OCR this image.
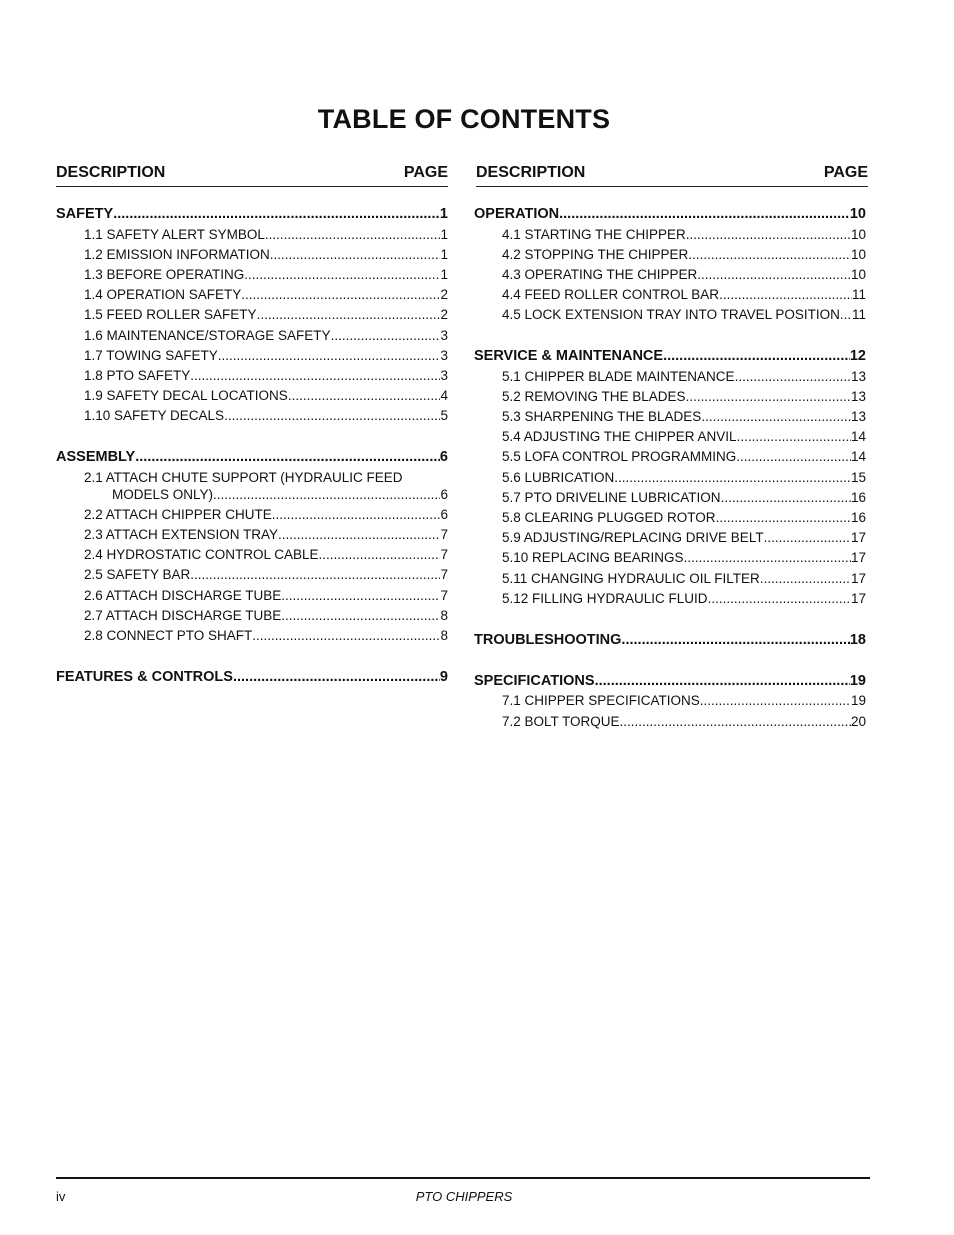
TABLE OF CONTENTS
DESCRIPTION	PAGE DESCRIPTION	PAGE
SAFETY .....	1
1.1 SAFETY ALERT SYMBOL .....	1
1.2 EMISSION INFORMATION .....	1
1.3 BEFORE OPERATING .....	1
1.4 OPERATION SAFETY .....	2
1.5 FEED ROLLER SAFETY .....	2
1.6 MAINTENANCE/STORAGE SAFETY .....	3
1.7 TOWING SAFETY .....	3
1.8 PTO SAFETY .....	3
1.9 SAFETY DECAL LOCATIONS .....	4
1.10 SAFETY DECALS .....	5
ASSEMBLY .....	6
2.1 ATTACH CHUTE SUPPORT (HYDRAULIC FEED
MODELS ONLY) .....	6
2.2 ATTACH CHIPPER CHUTE .....	6
2.3 ATTACH EXTENSION TRAY .....	7
2.4 HYDROSTATIC CONTROL CABLE .....	7
2.5 SAFETY BAR .....	7
2.6 ATTACH DISCHARGE TUBE .....	7
2.7 ATTACH DISCHARGE TUBE .....	8
2.8 CONNECT PTO SHAFT .....	8
FEATURES & CONTROLS .....	9
OPERATION .....	10
4.1 STARTING THE CHIPPER .....	10
4.2 STOPPING THE CHIPPER .....	10
4.3 OPERATING THE CHIPPER .....	10
4.4 FEED ROLLER CONTROL BAR .....	11
4.5 LOCK EXTENSION TRAY INTO TRAVEL POSITION ..... 11
SERVICE & MAINTENANCE .....	12
5.1 CHIPPER BLADE MAINTENANCE .....	13
5.2 REMOVING THE BLADES .....	13
5.3 SHARPENING THE BLADES .....	13
5.4 ADJUSTING THE CHIPPER ANVIL .....	14
5.5 LOFA CONTROL PROGRAMMING .....	14
5.6 LUBRICATION .....	15
5.7 PTO DRIVELINE LUBRICATION .....	16
5.8 CLEARING PLUGGED ROTOR .....	16
5.9 ADJUSTING/REPLACING DRIVE BELT .....	17
5.10 REPLACING BEARINGS .....	17
5.11 CHANGING HYDRAULIC OIL FILTER .....	17
5.12 FILLING HYDRAULIC FLUID .....	17
TROUBLESHOOTING .....	18
SPECIFICATIONS .....	19
7.1 CHIPPER SPECIFICATIONS .....	19
7.2 BOLT TORQUE .....	20
iv	PTO CHIPPERS
